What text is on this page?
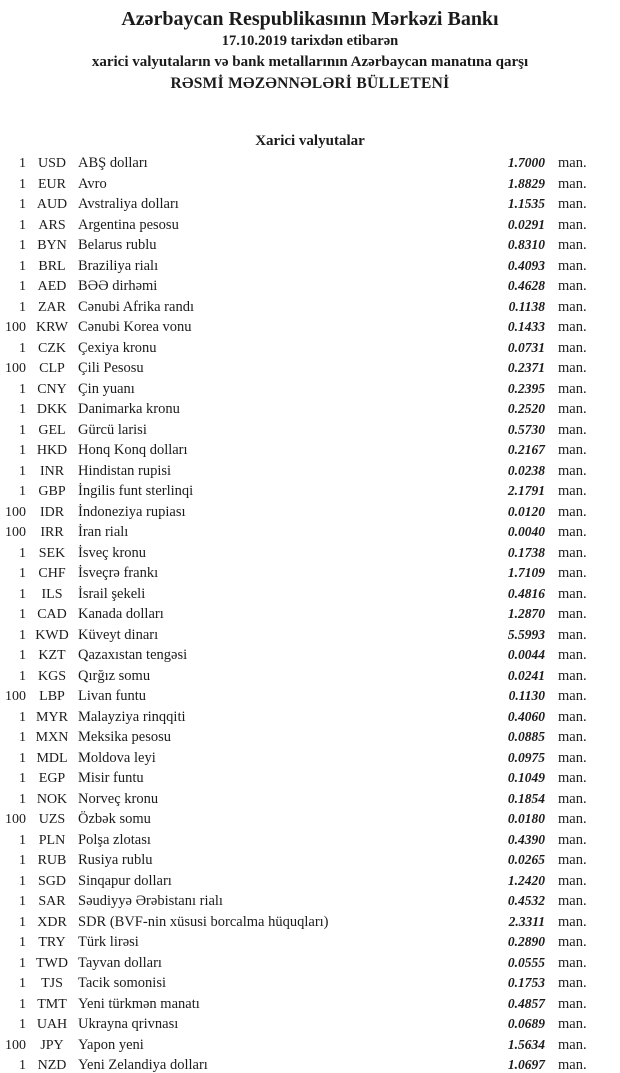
Azərbaycan Respublikasının Mərkəzi Bankı
17.10.2019 tarixdən etibarən
xarici valyutaların və bank metallarının Azərbaycan manatına qarşı
RƏSMİ MƏZƏNNƏLƏRİ BÜLLETENİ
Xarici valyutalar
1 USD ABŞ dolları	1.7000 man.
1 EUR Avro	1.8829 man.
1 AUD Avstraliya dolları	1.1535 man.
1 ARS Argentina pesosu	0.0291 man.
1 BYN Belarus rublu	0.8310 man.
1 BRL Braziliya rialı	0.4093 man.
1 AED BƏƏ dirhəmi	0.4628 man.
1 ZAR Cənubi Afrika randı	0.1138 man.
100 KRW Cənubi Korea vonu	0.1433 man.
1 CZK Çexiya kronu	0.0731 man.
100 CLP Çili Pesosu	0.2371 man.
1 CNY Çin yuanı	0.2395 man.
1 DKK Danimarka kronu	0.2520 man.
1 GEL Gürcü larisi	0.5730 man.
1 HKD Honq Konq dolları	0.2167 man.
1 INR Hindistan rupisi	0.0238 man.
1 GBP İngilis funt sterlinqi	2.1791 man.
100 IDR İndoneziya rupiası	0.0120 man.
100	IRR İran rialı	0.0040 man.
1 SEK İsveç kronu	0.1738 man.
1 CHF İsveçrə frankı	1.7109 man.
1	ILS	İsrail şekeli	0.4816 man.
1 CAD Kanada dolları	1.2870 man.
1 KWD Küveyt dinarı	5.5993 man.
1 KZT Qazaxıstan tengəsi	0.0044 man.
1 KGS Qırğız somu	0.0241 man.
100 LBP Livan funtu	0.1130 man.
1 MYR Malayziya rinqqiti	0.4060 man.
1 MXN Meksika pesosu	0.0885 man.
1 MDL Moldova leyi	0.0975 man.
1 EGP Misir funtu	0.1049 man.
1 NOK Norveç kronu	0.1854 man.
100 UZS Özbək somu	0.0180 man.
1 PLN Polşa zlotası	0.4390 man.
1 RUB Rusiya rublu	0.0265 man.
1 SGD Sinqapur dolları	1.2420 man.
1 SAR Səudiyyə Ərəbistanı rialı	0.4532 man.
1 XDR SDR (BVF-nin xüsusi borcalma hüquqları)	2.3311 man.
1 TRY Türk lirəsi	0.2890 man.
1 TWD Tayvan dolları	0.0555 man.
1	TJS	Tacik somonisi	0.1753 man.
1 TMT Yeni türkmən manatı	0.4857 man.
1 UAH Ukrayna qrivnası	0.0689 man.
100	JPY Yapon yeni	1.5634 man.
1 NZD Yeni Zelandiya dolları	1.0697 man.
